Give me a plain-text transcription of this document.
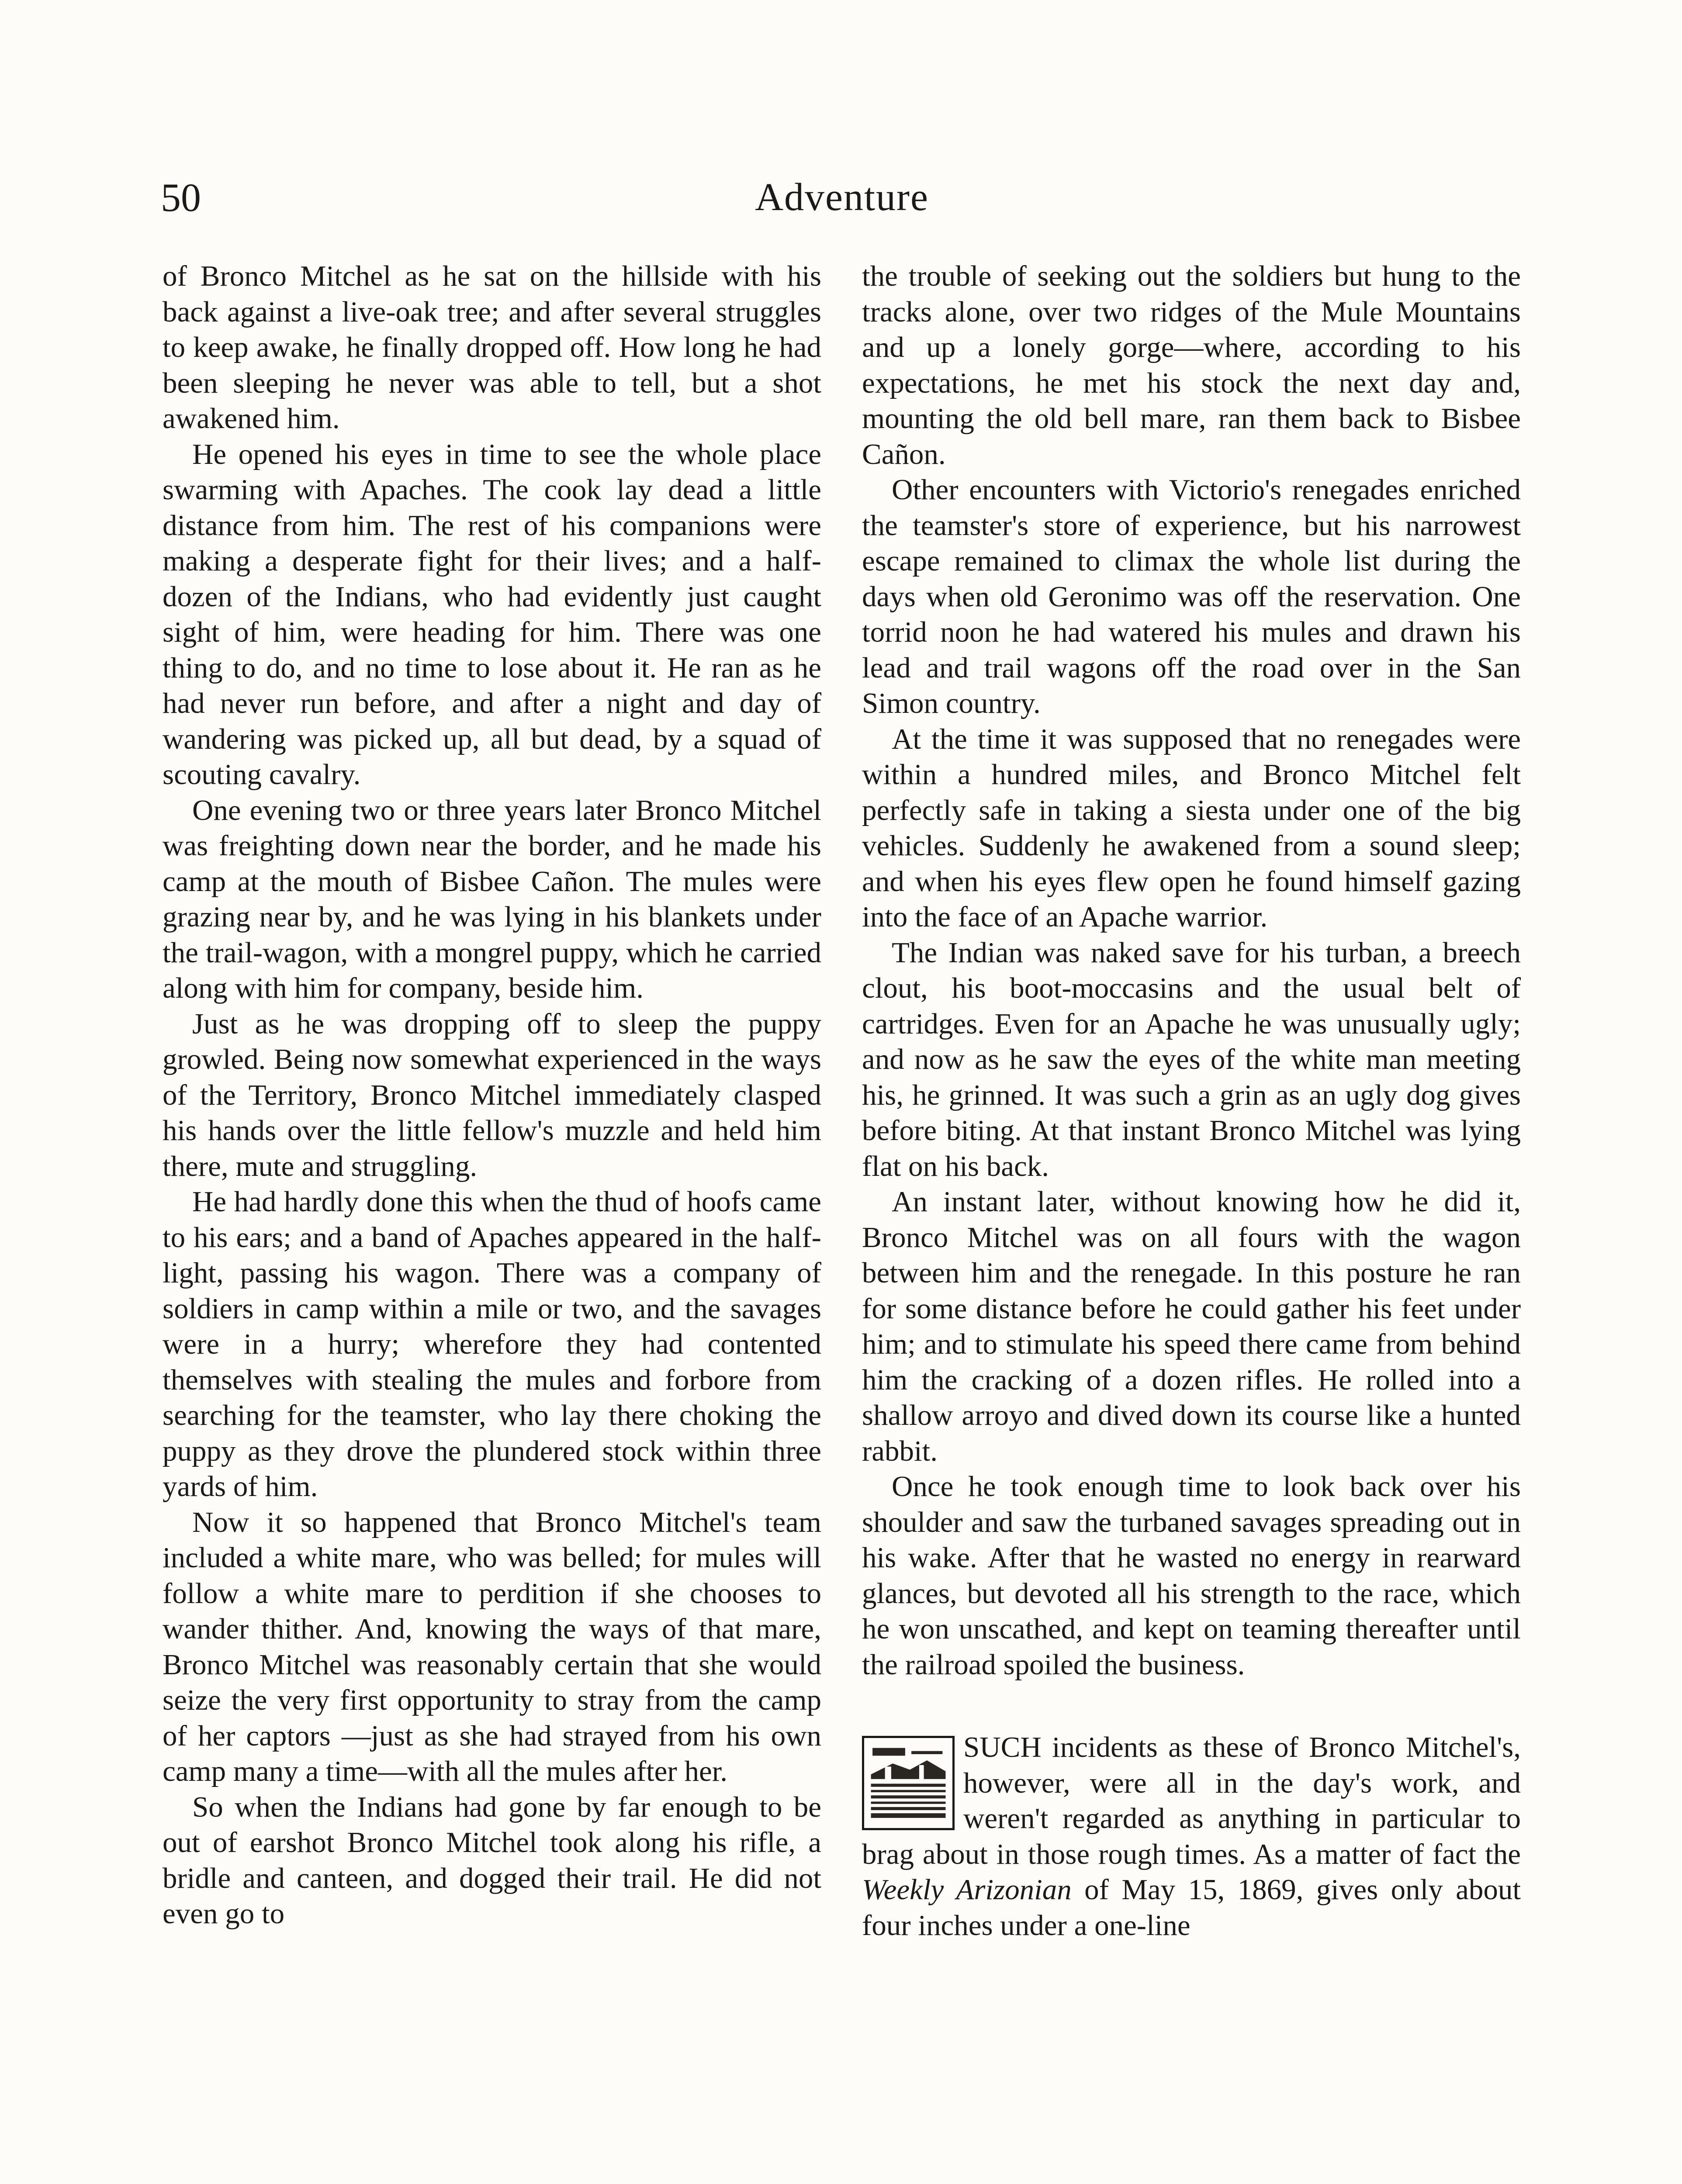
50	Adventure

of Bronco Mitchel as he sat on the hillside with his back against a live-oak tree; and after several struggles to keep awake, he finally dropped off. How long he had been sleeping he never was able to tell, but a shot awakened him.

He opened his eyes in time to see the whole place swarming with Apaches. The cook lay dead a little distance from him. The rest of his companions were making a desperate fight for their lives; and a half-dozen of the Indians, who had evidently just caught sight of him, were heading for him. There was one thing to do, and no time to lose about it. He ran as he had never run before, and after a night and day of wandering was picked up, all but dead, by a squad of scouting cavalry.

One evening two or three years later Bronco Mitchel was freighting down near the border, and he made his camp at the mouth of Bisbee Cañon. The mules were grazing near by, and he was lying in his blankets under the trail-wagon, with a mongrel puppy, which he carried along with him for company, beside him.

Just as he was dropping off to sleep the puppy growled. Being now somewhat experienced in the ways of the Territory, Bronco Mitchel immediately clasped his hands over the little fellow's muzzle and held him there, mute and struggling.

He had hardly done this when the thud of hoofs came to his ears; and a band of Apaches appeared in the half-light, passing his wagon. There was a company of soldiers in camp within a mile or two, and the savages were in a hurry; wherefore they had contented themselves with stealing the mules and forbore from searching for the teamster, who lay there choking the puppy as they drove the plundered stock within three yards of him.

Now it so happened that Bronco Mitchel's team included a white mare, who was belled; for mules will follow a white mare to perdition if she chooses to wander thither. And, knowing the ways of that mare, Bronco Mitchel was reasonably certain that she would seize the very first opportunity to stray from the camp of her captors —just as she had strayed from his own camp many a time—with all the mules after her.

So when the Indians had gone by far enough to be out of earshot Bronco Mitchel took along his rifle, a bridle and canteen, and dogged their trail. He did not even go to

the trouble of seeking out the soldiers but hung to the tracks alone, over two ridges of the Mule Mountains and up a lonely gorge—where, according to his expectations, he met his stock the next day and, mounting the old bell mare, ran them back to Bisbee Cañon.

Other encounters with Victorio's renegades enriched the teamster's store of experience, but his narrowest escape remained to climax the whole list during the days when old Geronimo was off the reservation. One torrid noon he had watered his mules and drawn his lead and trail wagons off the road over in the San Simon country.

At the time it was supposed that no renegades were within a hundred miles, and Bronco Mitchel felt perfectly safe in taking a siesta under one of the big vehicles. Suddenly he awakened from a sound sleep; and when his eyes flew open he found himself gazing into the face of an Apache warrior.

The Indian was naked save for his turban, a breech clout, his boot-moccasins and the usual belt of cartridges. Even for an Apache he was unusually ugly; and now as he saw the eyes of the white man meeting his, he grinned. It was such a grin as an ugly dog gives before biting. At that instant Bronco Mitchel was lying flat on his back.

An instant later, without knowing how he did it, Bronco Mitchel was on all fours with the wagon between him and the renegade. In this posture he ran for some distance before he could gather his feet under him; and to stimulate his speed there came from behind him the cracking of a dozen rifles. He rolled into a shallow arroyo and dived down its course like a hunted rabbit.

Once he took enough time to look back over his shoulder and saw the turbaned savages spreading out in his wake. After that he wasted no energy in rearward glances, but devoted all his strength to the race, which he won unscathed, and kept on teaming thereafter until the railroad spoiled the business.

SUCH incidents as these of Bronco Mitchel's, however, were all in the day's work, and weren't regarded as anything in particular to brag about in those rough times. As a matter of fact the Weekly Arizonian of May 15, 1869, gives only about four inches under a one-line
